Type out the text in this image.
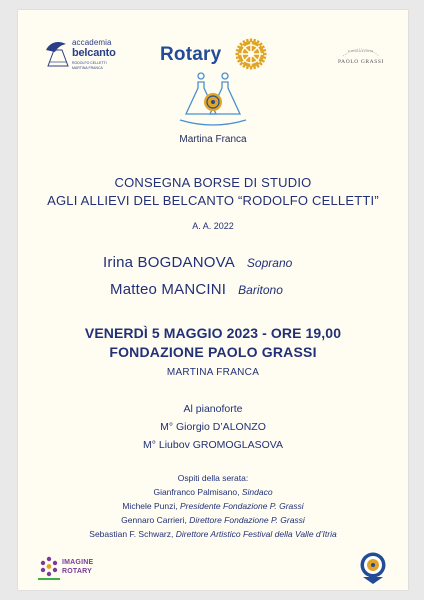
accademia
belcanto
RODOLFO CELLETTI
MARTINA FRANCA
Rotary	FONDAZIONE
PAOLO GRASSI
Martina Franca
CONSEGNA BORSE DI STUDIO
AGLI ALLIEVI DEL BELCANTO “RODOLFO CELLETTI”
A. A. 2022
Irina BOGDANOVA Soprano
Matteo MANCINI Baritono
VENERDÌ 5 MAGGIO 2023 - ORE 19,00
FONDAZIONE PAOLO GRASSI
MARTINA FRANCA
Al pianoforte
M° Giorgio D’ALONZO
M° Liubov GROMOGLASOVA
Ospiti della serata:
Gianfranco Palmisano, Sindaco
Michele Punzi, Presidente Fondazione P. Grassi
Gennaro Carrieri, Direttore Fondazione P. Grassi
Sebastian F. Schwarz, Direttore Artistico Festival della Valle d’Itria
IMAGINE
ROTARY
